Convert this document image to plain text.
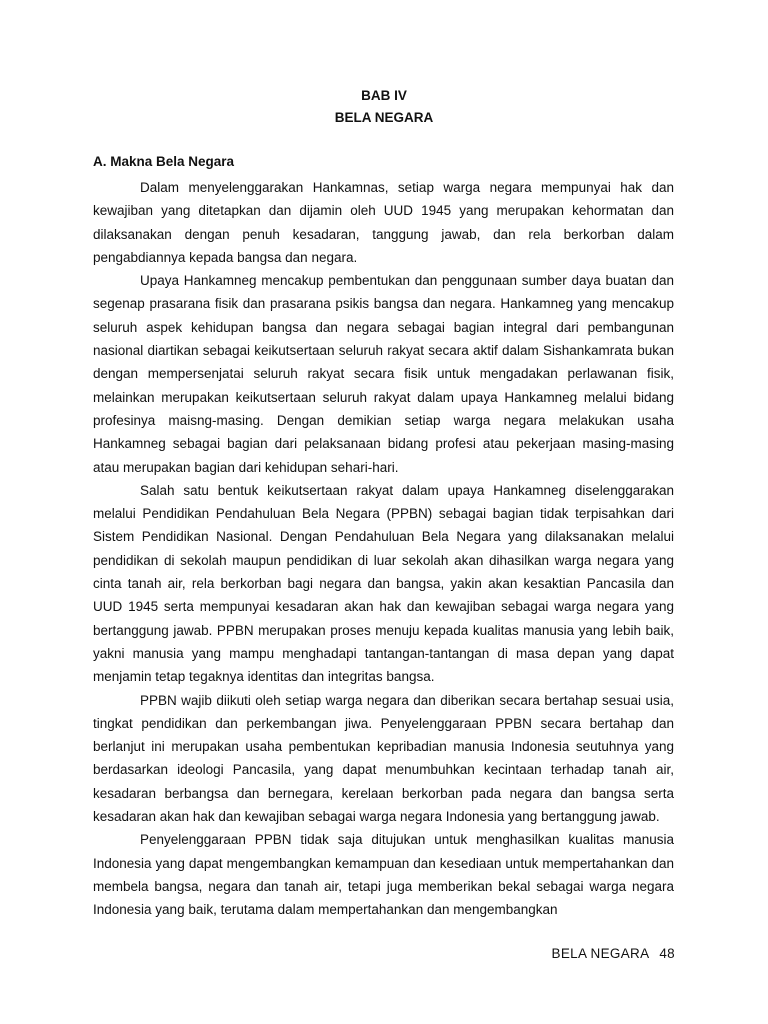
BAB IV
BELA NEGARA
A. Makna Bela Negara

Dalam menyelenggarakan Hankamnas, setiap warga negara mempunyai hak dan kewajiban yang ditetapkan dan dijamin oleh UUD 1945 yang merupakan kehormatan dan dilaksanakan dengan penuh kesadaran, tanggung jawab, dan rela berkorban dalam pengabdiannya kepada bangsa dan negara.

Upaya Hankamneg mencakup pembentukan dan penggunaan sumber daya buatan dan segenap prasarana fisik dan prasarana psikis bangsa dan negara. Hankamneg yang mencakup seluruh aspek kehidupan bangsa dan negara sebagai bagian integral dari pembangunan nasional diartikan sebagai keikutsertaan seluruh rakyat secara aktif dalam Sishankamrata bukan dengan mempersenjatai seluruh rakyat secara fisik untuk mengadakan perlawanan fisik, melainkan merupakan keikutsertaan seluruh rakyat dalam upaya Hankamneg melalui bidang profesinya maisng-masing. Dengan demikian setiap warga negara melakukan usaha Hankamneg sebagai bagian dari pelaksanaan bidang profesi atau pekerjaan masing-masing atau merupakan bagian dari kehidupan sehari-hari.

Salah satu bentuk keikutsertaan rakyat dalam upaya Hankamneg diselenggarakan melalui Pendidikan Pendahuluan Bela Negara (PPBN) sebagai bagian tidak terpisahkan dari Sistem Pendidikan Nasional. Dengan Pendahuluan Bela Negara yang dilaksanakan melalui pendidikan di sekolah maupun pendidikan di luar sekolah akan dihasilkan warga negara yang cinta tanah air, rela berkorban bagi negara dan bangsa, yakin akan kesaktian Pancasila dan UUD 1945 serta mempunyai kesadaran akan hak dan kewajiban sebagai warga negara yang bertanggung jawab. PPBN merupakan proses menuju kepada kualitas manusia yang lebih baik, yakni manusia yang mampu menghadapi tantangan-tantangan di masa depan yang dapat menjamin tetap tegaknya identitas dan integritas bangsa.

PPBN wajib diikuti oleh setiap warga negara dan diberikan secara bertahap sesuai usia, tingkat pendidikan dan perkembangan jiwa. Penyelenggaraan PPBN secara bertahap dan berlanjut ini merupakan usaha pembentukan kepribadian manusia Indonesia seutuhnya yang berdasarkan ideologi Pancasila, yang dapat menumbuhkan kecintaan terhadap tanah air, kesadaran berbangsa dan bernegara, kerelaan berkorban pada negara dan bangsa serta kesadaran akan hak dan kewajiban sebagai warga negara Indonesia yang bertanggung jawab.

Penyelenggaraan PPBN tidak saja ditujukan untuk menghasilkan kualitas manusia Indonesia yang dapat mengembangkan kemampuan dan kesediaan untuk mempertahankan dan membela bangsa, negara dan tanah air, tetapi juga memberikan bekal sebagai warga negara Indonesia yang baik, terutama dalam mempertahankan dan mengembangkan

BELA NEGARA 48
